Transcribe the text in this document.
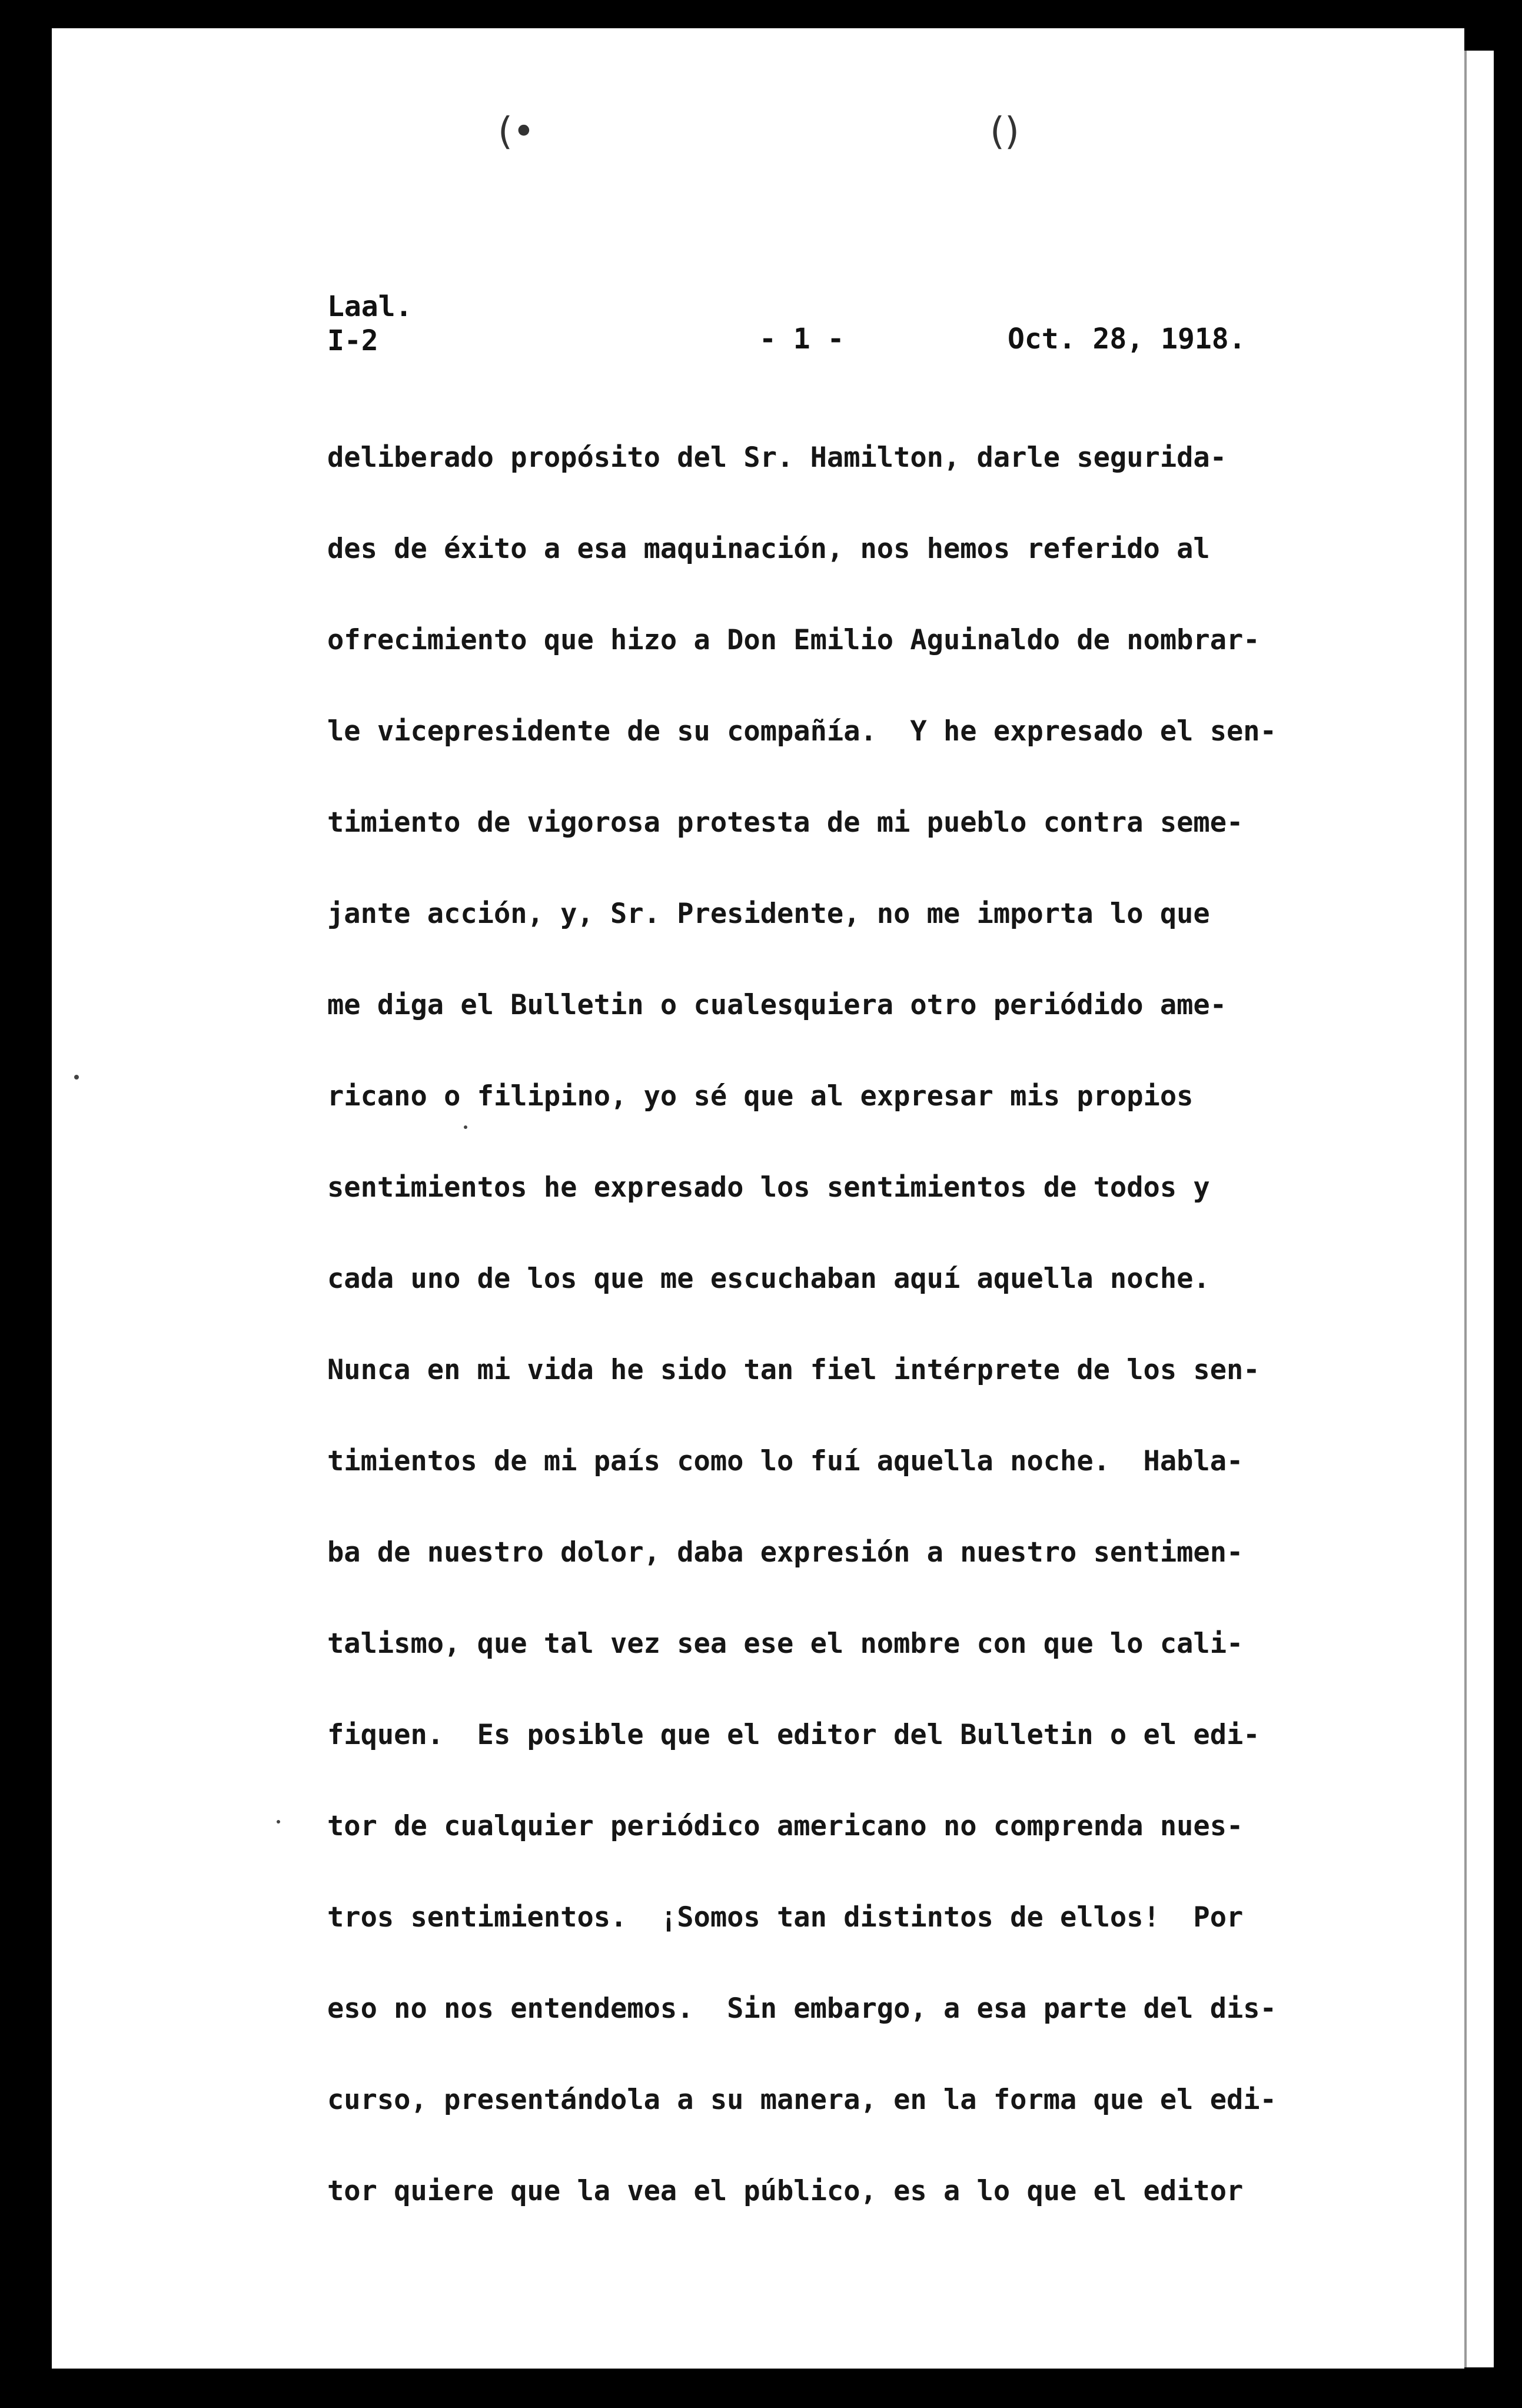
(•	()
Laal.
I-2	- 1 -	Oct. 28, 1918.
deliberado propósito del Sr. Hamilton, darle segurida-
des de éxito a esa maquinación, nos hemos referido al
ofrecimiento que hizo a Don Emilio Aguinaldo de nombrar-
le vicepresidente de su compañía.  Y he expresado el sen-
timiento de vigorosa protesta de mi pueblo contra seme-
jante acción, y, Sr. Presidente, no me importa lo que
me diga el Bulletin o cualesquiera otro periódido ame-
ricano o filipino, yo sé que al expresar mis propios
sentimientos he expresado los sentimientos de todos y
cada uno de los que me escuchaban aquí aquella noche.
Nunca en mi vida he sido tan fiel intérprete de los sen-
timientos de mi país como lo fuí aquella noche.  Habla-
ba de nuestro dolor, daba expresión a nuestro sentimen-
talismo, que tal vez sea ese el nombre con que lo cali-
fiquen.  Es posible que el editor del Bulletin o el edi-
tor de cualquier periódico americano no comprenda nues-
tros sentimientos.  ¡Somos tan distintos de ellos!  Por
eso no nos entendemos.  Sin embargo, a esa parte del dis-
curso, presentándola a su manera, en la forma que el edi-
tor quiere que la vea el público, es a lo que el editor
